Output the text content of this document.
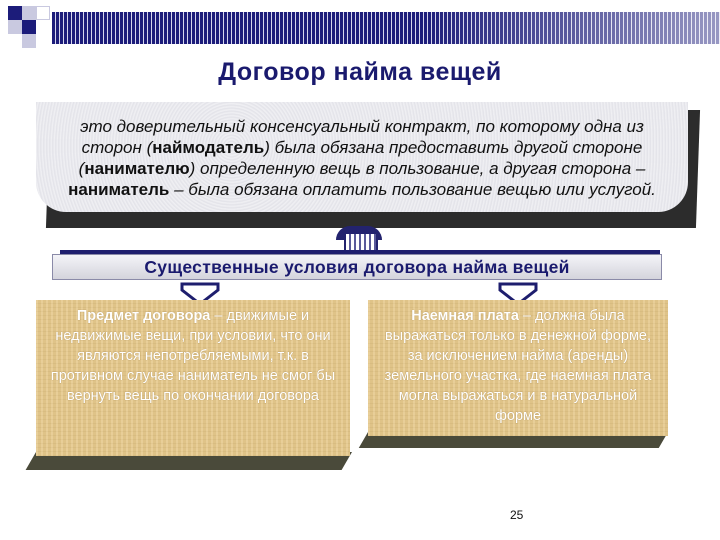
Договор найма вещей
это доверительный консенсуальный контракт, по которому одна из сторон (наймодатель) была обязана предоставить другой стороне (нанимателю) определенную вещь в пользование, а другая сторона – наниматель – была обязана оплатить пользование вещью или услугой.
Существенные условия договора найма вещей
Предмет договора – движимые и недвижимые вещи, при условии, что они являются непотребляемыми, т.к. в противном случае наниматель не смог бы вернуть вещь по окончании договора
Наемная плата – должна была выражаться только в денежной форме, за исключением найма (аренды) земельного участка, где наемная плата могла выражаться и в натуральной форме
25
